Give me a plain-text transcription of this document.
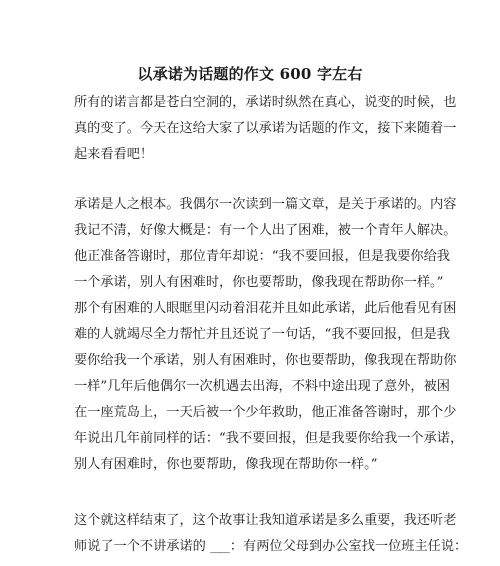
以承诺为话题的作文 600 字左右
所有的诺言都是苍白空洞的，承诺时纵然在真心，说变的时候，也
真的变了。今天在这给大家了以承诺为话题的作文，接下来随着一
起来看看吧！
承诺是人之根本。我偶尔一次读到一篇文章，是关于承诺的。内容
我记不清，好像大概是：有一个人出了困难，被一个青年人解决。
他正准备答谢时，那位青年却说：“我不要回报，但是我要你给我
一个承诺，别人有困难时，你也要帮助，像我现在帮助你一样。”
那个有困难的人眼眶里闪动着泪花并且如此承诺，此后他看见有困
难的人就竭尽全力帮忙并且还说了一句话，“我不要回报，但是我
要你给我一个承诺，别人有困难时，你也要帮助，像我现在帮助你
一样”几年后他偶尔一次机遇去出海，不料中途出现了意外，被困
在一座荒岛上，一天后被一个少年救助，他正准备答谢时，那个少
年说出几年前同样的话：“我不要回报，但是我要你给我一个承诺，
别人有困难时，你也要帮助，像我现在帮助你一样。”
这个就这样结束了，这个故事让我知道承诺是多么重要，我还听老
师说了一个不讲承诺的 ___：有两位父母到办公室找一位班主任说：
